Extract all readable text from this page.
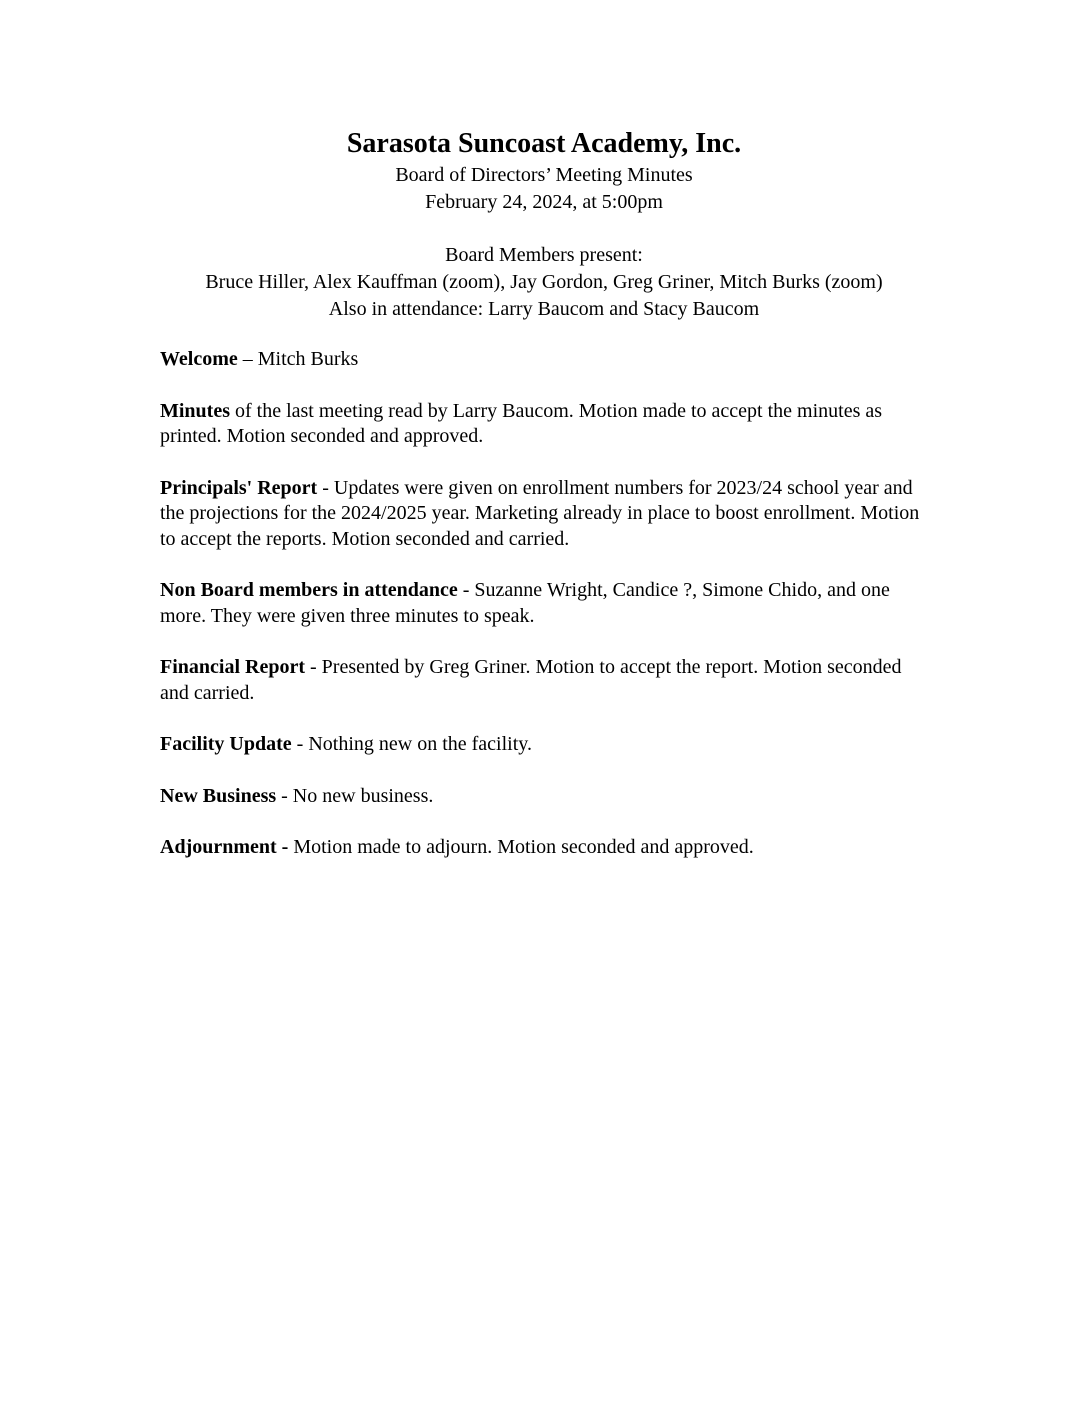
Sarasota Suncoast Academy, Inc.

Board of Directors’ Meeting Minutes

February 24, 2024, at 5:00pm

Board Members present:

Bruce Hiller, Alex Kauffman (zoom), Jay Gordon, Greg Griner, Mitch Burks (zoom)

Also in attendance: Larry Baucom and Stacy Baucom

Welcome – Mitch Burks

Minutes of the last meeting read by Larry Baucom. Motion made to accept the minutes as printed. Motion seconded and approved.

Principals' Report - Updates were given on enrollment numbers for 2023/24 school year and the projections for the 2024/2025 year. Marketing already in place to boost enrollment. Motion to accept the reports. Motion seconded and carried.

Non Board members in attendance - Suzanne Wright, Candice ?, Simone Chido, and one more. They were given three minutes to speak.

Financial Report - Presented by Greg Griner. Motion to accept the report. Motion seconded and carried.

Facility Update - Nothing new on the facility.

New Business - No new business.

Adjournment - Motion made to adjourn. Motion seconded and approved.
